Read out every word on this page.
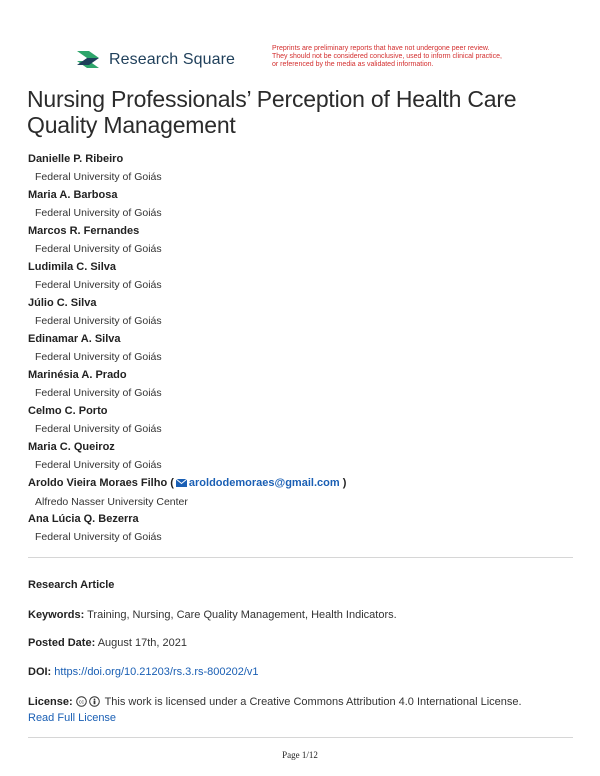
Research Square
Preprints are preliminary reports that have not undergone peer review.
They should not be considered conclusive, used to inform clinical practice,
or referenced by the media as validated information.
Nursing Professionals’ Perception of Health Care Quality Management
Danielle P. Ribeiro
Federal University of Goiás
Maria A. Barbosa
Federal University of Goiás
Marcos R. Fernandes
Federal University of Goiás
Ludimila C. Silva
Federal University of Goiás
Júlio C. Silva
Federal University of Goiás
Edinamar A. Silva
Federal University of Goiás
Marinésia A. Prado
Federal University of Goiás
Celmo C. Porto
Federal University of Goiás
Maria C. Queiroz
Federal University of Goiás
Aroldo Vieira Moraes Filho ( aroldodemoraes@gmail.com )
Alfredo Nasser University Center
Ana Lúcia Q. Bezerra
Federal University of Goiás
Research Article
Keywords: Training, Nursing, Care Quality Management, Health Indicators.
Posted Date: August 17th, 2021
DOI: https://doi.org/10.21203/rs.3.rs-800202/v1
License: cc This work is licensed under a Creative Commons Attribution 4.0 International License.
Read Full License
Page 1/12
